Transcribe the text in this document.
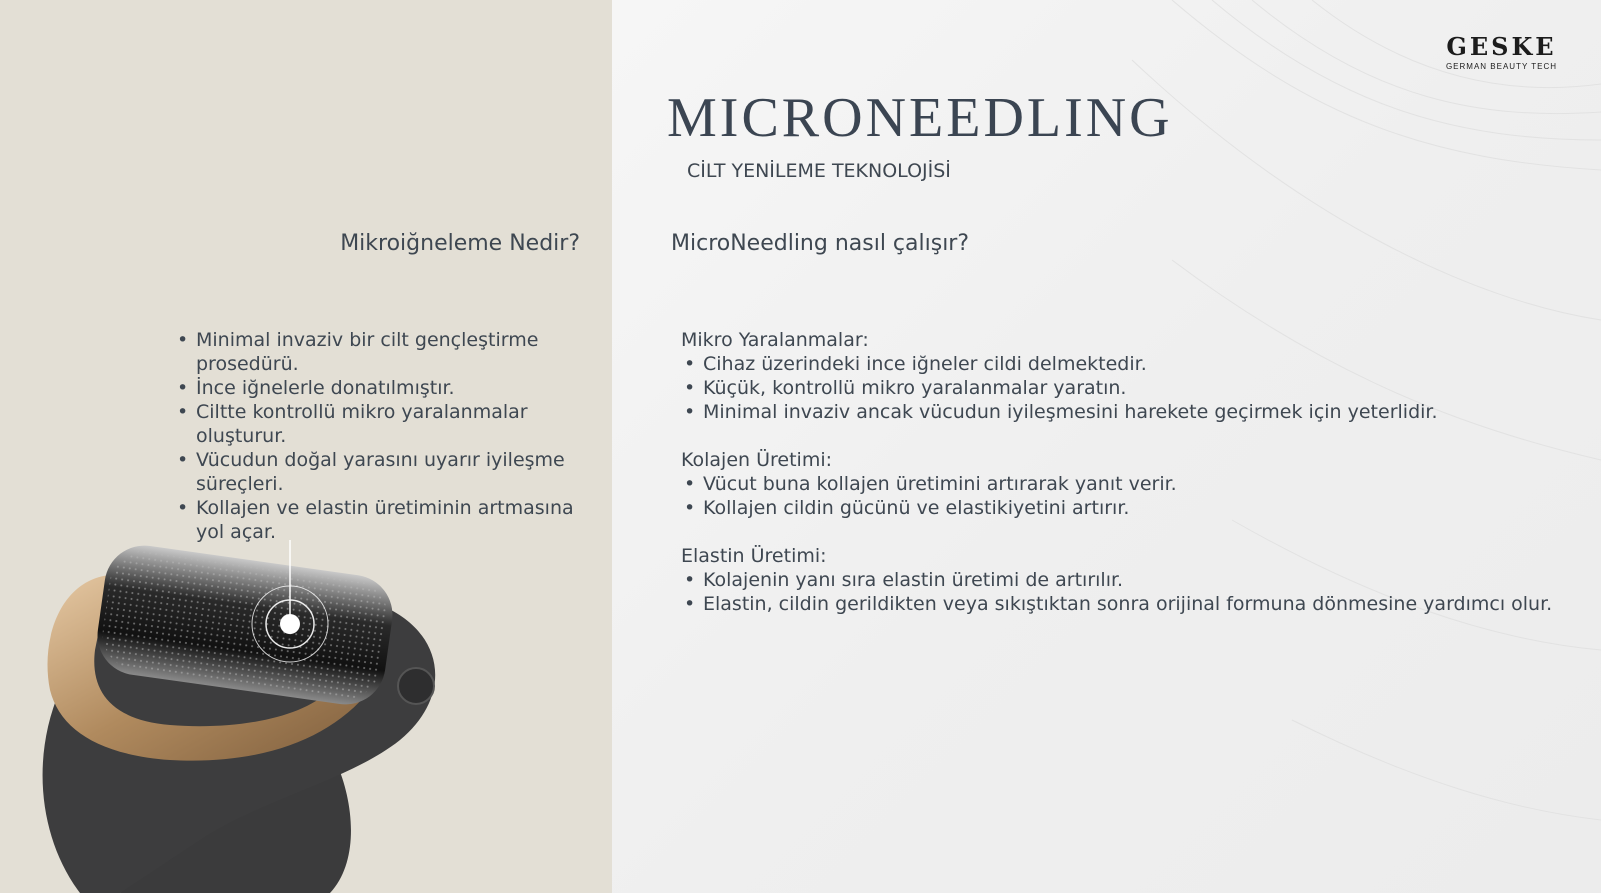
GESKE
GERMAN BEAUTY TECH
MICRONEEDLING
CİLT YENİLEME TEKNOLOJİSİ
Mikroiğneleme Nedir?	MicroNeedling nasıl çalışır?
• Minimal invaziv bir cilt gençleştirme prosedürü.
• İnce iğnelerle donatılmıştır.
• Ciltte kontrollü mikro yaralanmalar oluşturur.
• Vücudun doğal yarasını uyarır iyileşme süreçleri.
• Kollajen ve elastin üretiminin artmasına yol açar.
Mikro Yaralanmalar:
• Cihaz üzerindeki ince iğneler cildi delmektedir.
• Küçük, kontrollü mikro yaralanmalar yaratın.
• Minimal invaziv ancak vücudun iyileşmesini harekete geçirmek için yeterlidir.
Kolajen Üretimi:
• Vücut buna kollajen üretimini artırarak yanıt verir.
• Kollajen cildin gücünü ve elastikiyetini artırır.
Elastin Üretimi:
• Kolajenin yanı sıra elastin üretimi de artırılır.
• Elastin, cildin gerildikten veya sıkıştıktan sonra orijinal formuna dönmesine yardımcı olur.
